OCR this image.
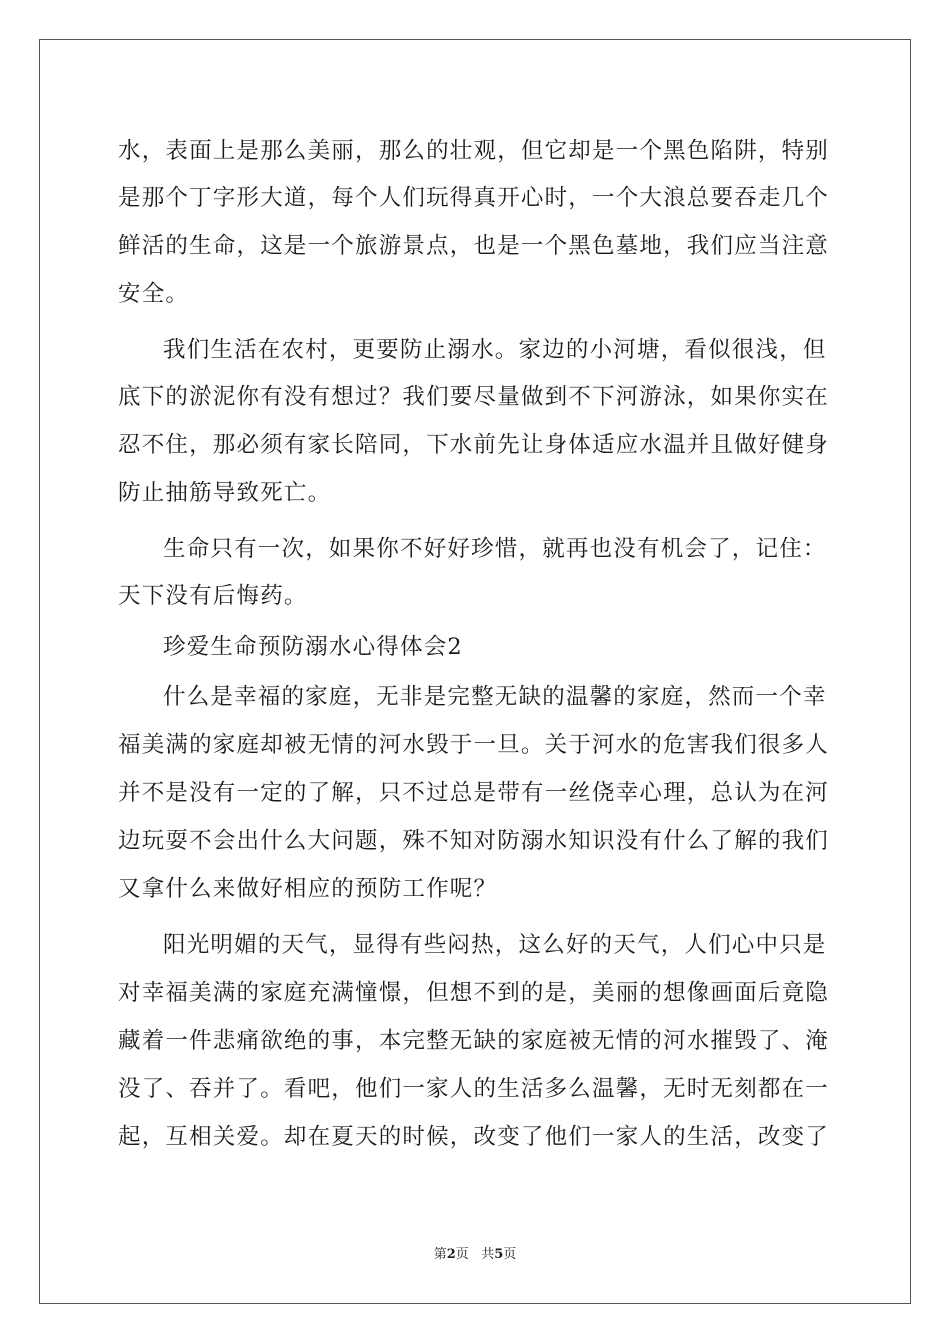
水，表面上是那么美丽，那么的壮观，但它却是一个黑色陷阱，特别
是那个丁字形大道，每个人们玩得真开心时，一个大浪总要吞走几个
鲜活的生命，这是一个旅游景点，也是一个黑色墓地，我们应当注意
安全。
我们生活在农村，更要防止溺水。家边的小河塘，看似很浅，但
底下的淤泥你有没有想过？我们要尽量做到不下河游泳，如果你实在
忍不住，那必须有家长陪同，下水前先让身体适应水温并且做好健身
防止抽筋导致死亡。
生命只有一次，如果你不好好珍惜，就再也没有机会了，记住：
天下没有后悔药。
珍爱生命预防溺水心得体会2
什么是幸福的家庭，无非是完整无缺的温馨的家庭，然而一个幸
福美满的家庭却被无情的河水毁于一旦。关于河水的危害我们很多人
并不是没有一定的了解，只不过总是带有一丝侥幸心理，总认为在河
边玩耍不会出什么大问题，殊不知对防溺水知识没有什么了解的我们
又拿什么来做好相应的预防工作呢？
阳光明媚的天气，显得有些闷热，这么好的天气，人们心中只是
对幸福美满的家庭充满憧憬，但想不到的是，美丽的想像画面后竟隐
藏着一件悲痛欲绝的事，本完整无缺的家庭被无情的河水摧毁了、淹
没了、吞并了。看吧，他们一家人的生活多么温馨，无时无刻都在一
起，互相关爱。却在夏天的时候，改变了他们一家人的生活，改变了
第2页   共5页
